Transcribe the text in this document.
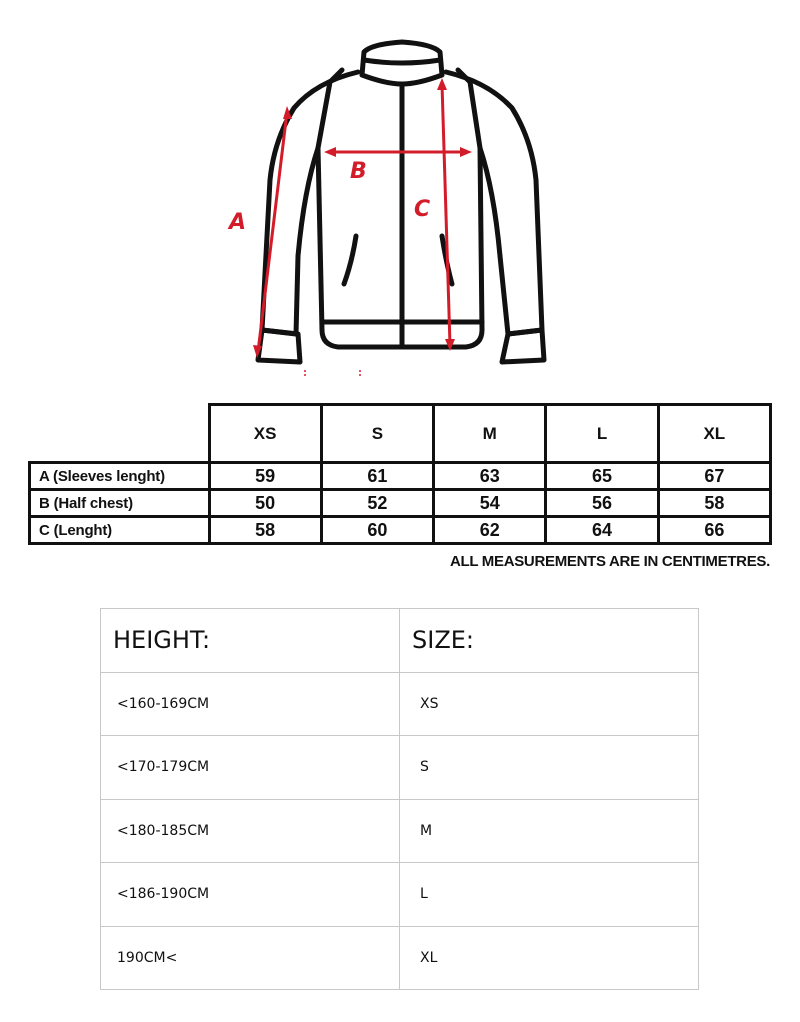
A
B
C
	XS	S	M	L	XL
A (Sleeves lenght)	59	61	63	65	67
B (Half chest)	50	52	54	56	58
C (Lenght)	58	60	62	64	66
ALL MEASUREMENTS ARE IN CENTIMETRES.
HEIGHT:	SIZE:
<160-169CM	XS
<170-179CM	S
<180-185CM	M
<186-190CM	L
190CM<	XL
